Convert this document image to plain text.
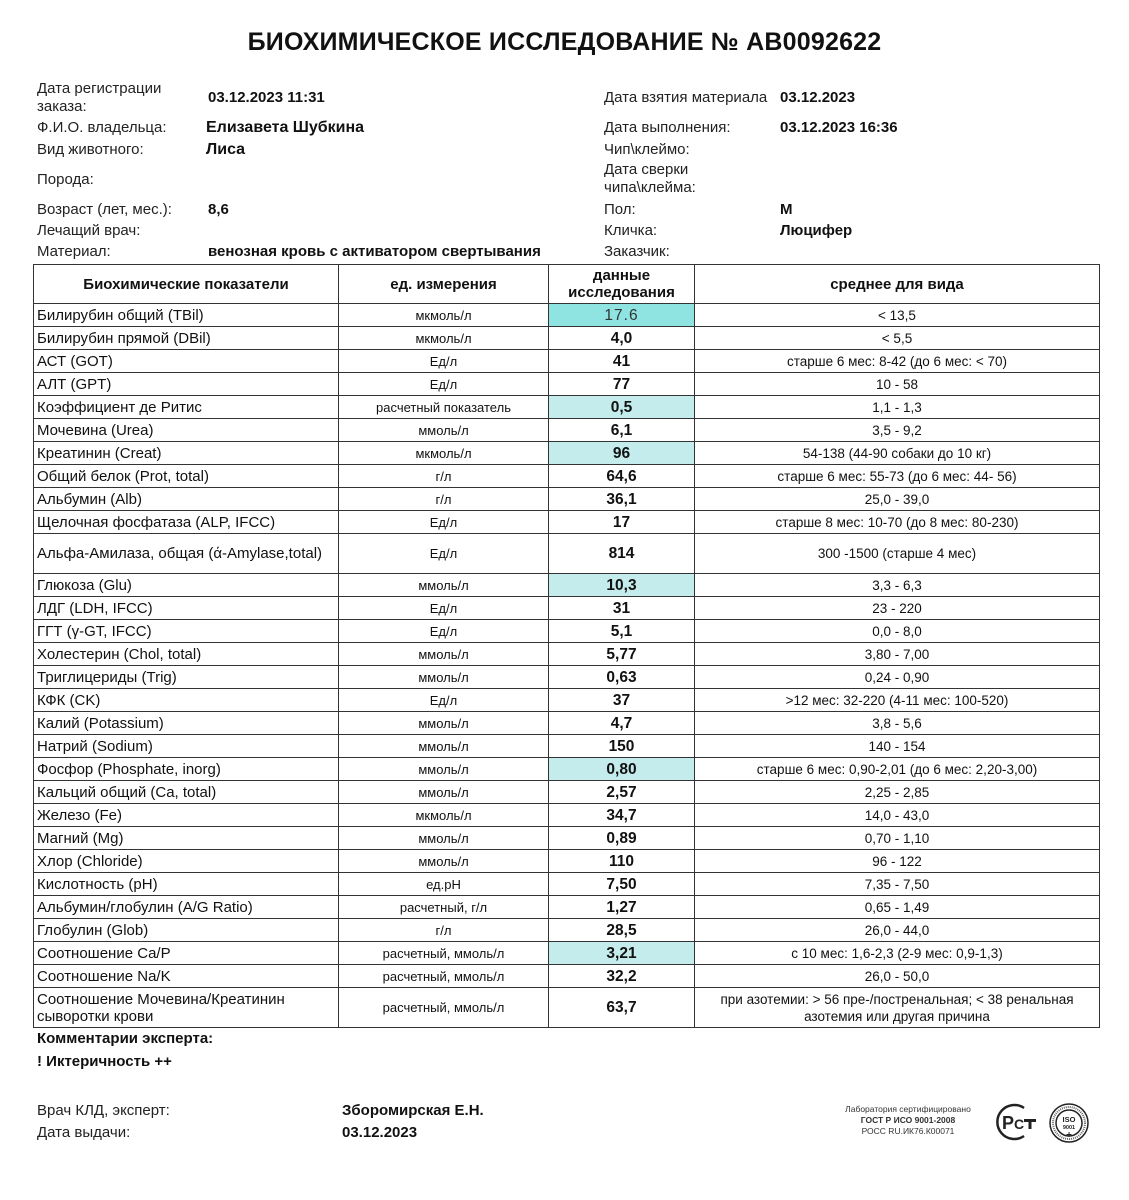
БИОХИМИЧЕСКОЕ ИССЛЕДОВАНИЕ № AB0092622
Дата регистрации заказа:
03.12.2023 11:31
Ф.И.О. владельца: Елизавета Шубкина
Вид животного:	Лиса
Порода:
Возраст (лет, мес.): 8,6
Лечащий врач:
Материал:	венозная кровь с активатором свертывания
Дата взятия материала 03.12.2023
Дата выполнения:	03.12.2023 16:36
Чип\клеймо:
Дата сверки чипа\клейма:
Пол:	М
Кличка:	Люцифер
Заказчик:
Биохимические показатели	ед. измерения	данные исследования	среднее для вида
Билирубин общий (TBil)	мкмоль/л	17.6	< 13,5
Билирубин прямой (DBil)	мкмоль/л	4,0	< 5,5
АСТ (GOT)	Ед/л	41	старше 6 мес: 8-42 (до 6 мес: < 70)
АЛТ (GPT)	Ед/л	77	10 - 58
Коэффициент де Ритис	расчетный показатель	0,5	1,1 - 1,3
Мочевина (Urea)	ммоль/л	6,1	3,5 - 9,2
Креатинин (Creat)	мкмоль/л	96	54-138 (44-90 собаки до 10 кг)
Общий белок (Prot, total)	г/л	64,6	старше 6 мес: 55-73 (до 6 мес: 44- 56)
Альбумин (Alb)	г/л	36,1	25,0 - 39,0
Щелочная фосфатаза (ALP, IFCC)	Ед/л	17	старше 8 мес: 10-70 (до 8 мес: 80-230)
Альфа-Амилаза, общая (ά-Amylase,total)	Ед/л	814	300 -1500 (старше 4 мес)
Глюкоза (Glu)	ммоль/л	10,3	3,3 - 6,3
ЛДГ (LDH, IFCC)	Ед/л	31	23 - 220
ГГТ (γ-GT, IFCC)	Ед/л	5,1	0,0 - 8,0
Холестерин (Chol, total)	ммоль/л	5,77	3,80 - 7,00
Триглицериды (Trig)	ммоль/л	0,63	0,24 - 0,90
КФК (CK)	Ед/л	37	>12 мес: 32-220 (4-11 мес: 100-520)
Калий (Potassium)	ммоль/л	4,7	3,8 - 5,6
Натрий (Sodium)	ммоль/л	150	140 - 154
Фосфор (Phosphate, inorg)	ммоль/л	0,80	старше 6 мес: 0,90-2,01 (до 6 мес: 2,20-3,00)
Кальций общий (Ca, total)	ммоль/л	2,57	2,25 - 2,85
Железо (Fe)	мкмоль/л	34,7	14,0 - 43,0
Магний (Mg)	ммоль/л	0,89	0,70 - 1,10
Хлор (Chloride)	ммоль/л	110	96 - 122
Кислотность (pH)	ед.pH	7,50	7,35 - 7,50
Альбумин/глобулин (A/G Ratio)	расчетный, г/л	1,27	0,65 - 1,49
Глобулин (Glob)	г/л	28,5	26,0 - 44,0
Соотношение Ca/P	расчетный, ммоль/л	3,21	с 10 мес: 1,6-2,3 (2-9 мес: 0,9-1,3)
Соотношение Na/K	расчетный, ммоль/л	32,2	26,0 - 50,0
Соотношение Мочевина/Креатинин сыворотки крови	расчетный, ммоль/л	63,7	при азотемии: > 56 пре-/постренальная; < 38 ренальная азотемия или другая причина
Комментарии эксперта:
! Иктеричность ++
Врач КЛД, эксперт:	Зборомирская Е.Н.
Дата выдачи:	03.12.2023
Лаборатория сертифицировано
ГОСТ Р ИСО 9001-2008
РОСС RU.ИК76.К00071	P C	ISO
9001
